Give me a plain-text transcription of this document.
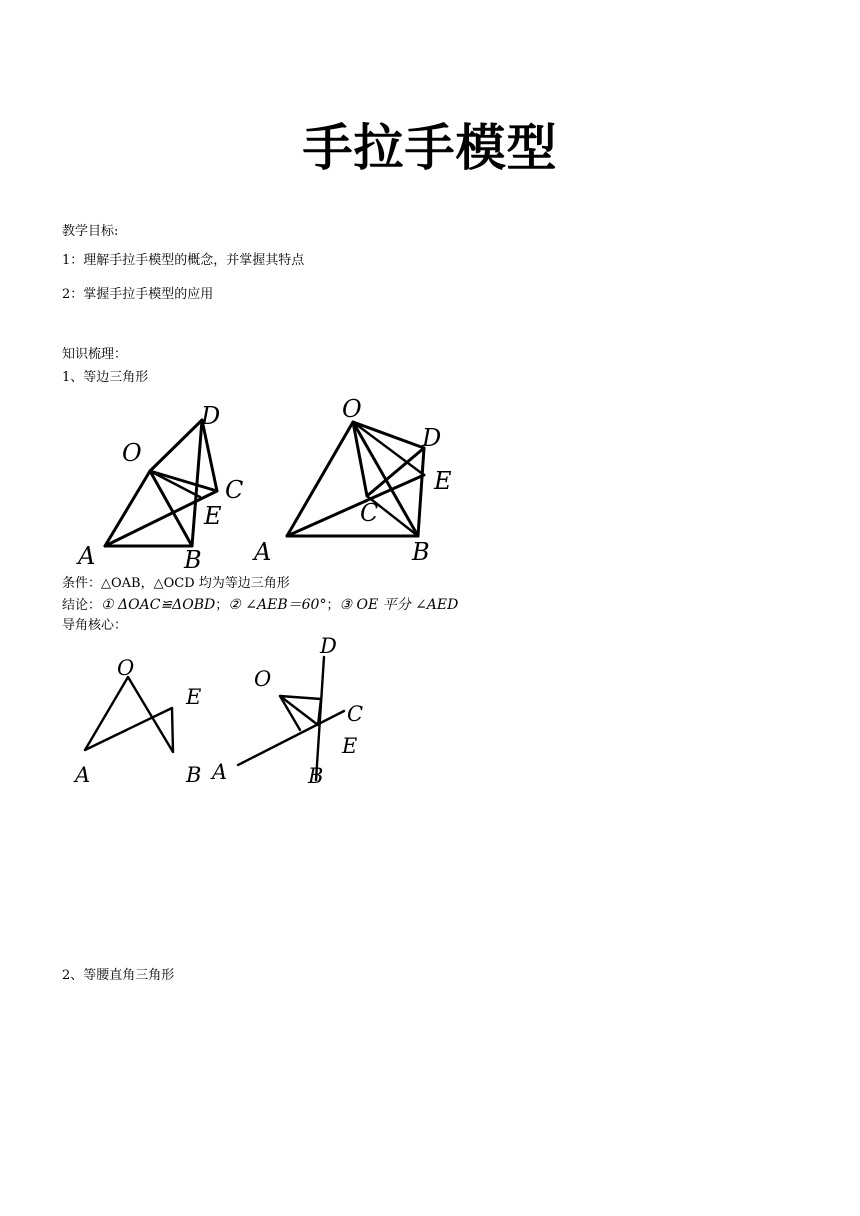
手拉手模型
教学目标:
1：理解手拉手模型的概念，并掌握其特点
2：掌握手拉手模型的应用
知识梳理：
1、等边三角形
D
O
C
E
A	B
O
D
E
C
A	B
条件：△OAB，△OCD 均为等边三角形
结论：① ΔOAC≌ΔOBD；② ∠AEB＝60°；③ OE 平分 ∠AED
导角核心：
O
E
A	B
D
O
C
E
A	B
2、等腰直角三角形
